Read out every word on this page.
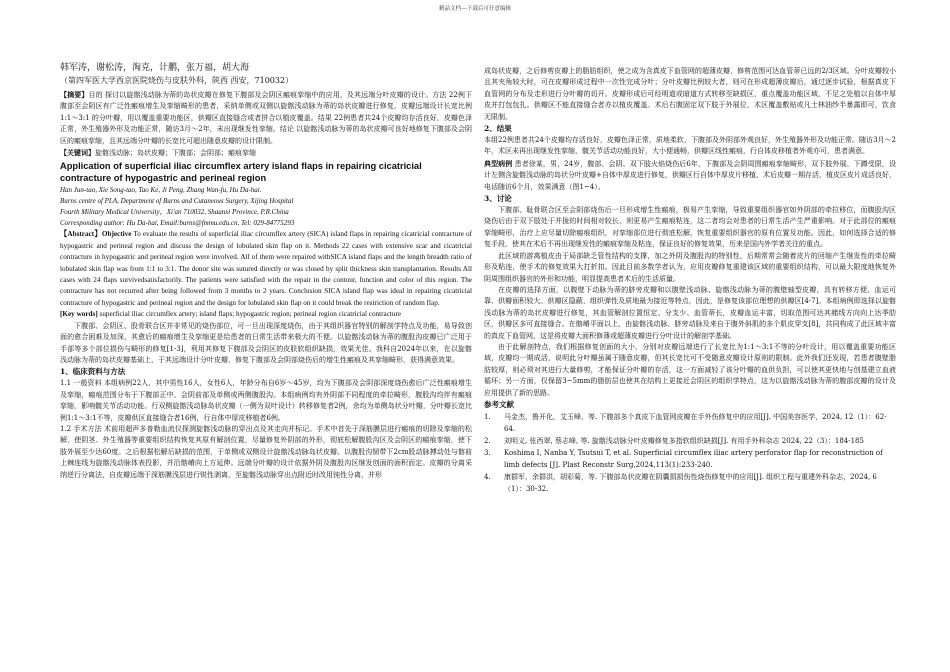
精品文档---下载后可任意编辑

韩军涛，谢松涛，淘克，计鹏，张万福，胡大海

（第四军医大学西京医院烧伤与皮肤外科，陕西 西安，710032）

【摘要】目的 探讨以旋髂浅动脉为蒂的岛状皮瓣在修复下腹部及会阴区瘢痕挛缩中的应用，及其远端分叶皮瓣的设计。方法 22例下腹部至会阴区有广泛性瘢痕增生及挛缩畸形的患者，采纳单侧或双侧以旋髂浅动脉为蒂的岛状皮瓣进行修复，皮瓣远端设计长宽比例 1:1～3:1 的分叶瓣，用以覆盖重要功能区，供瓣区直接缝合或者拼合以植皮覆盖。结果 22例患者共24个皮瓣均存活良好，皮瓣色泽正常，外生殖器外形及功能正常，随访3月～2年，未出现继发性挛缩。结论 以旋髂浅动脉为蒂的岛状皮瓣可良好地修复下腹部及会阴区的瘢痕挛缩，且其远端分叶瓣的长宽比可超出随意皮瓣的设计限制。

【关键词】旋髂浅动脉；岛状皮瓣；下腹部；会阴部；瘢痕挛缩

Application of superficial iliac circumflex artery island flaps in repairing cicatricial contracture of hypogastric and perineal region

Han Jun-tao, Xie Song-tao, Tao Ke, Ji Peng, Zhang Wan-fu, Hu Da-hai.

Burns centre of PLA, Department of Burns and Cutaneous Surgery, Xijing Hospital

Fourth Military Medical University，Xi'an 710032, Shaanxi Province, P.R.China

Corresponding author: Hu Da-hai, Email:burns@fmmu.edu.cn, Tel: 029-84775293

【Abstract】Objective To evaluate the results of superficial iliac circumflex artery (SICA) island flaps in repairing cicatricial contracture of hypogastric and perineal region and discuss the design of lobulated skin flap on it. Methods 22 cases with extensive scar and cicatricial contracture in hypogastric and perineal region were involved. All of them were repaired withSICA island flaps and the length breadth ratio of lobulated skin flap was from 1:1 to 3:1. The donor site was sutured directly or was closed by split thickness skin transplantation. Results All cases with 24 flaps survivedsatisfactorily. The patients were satisfied with the repair in the contour, function and color of this region. The contracture has not recurred after being followed from 3 months to 2 years. Conclusion SICA island flap was ideal in repairing cicatricial contracture of hypogastric and perineal region and the design for lobulated skin flap on it could break the restriction of random flap.

[Key words] superficial iliac circumflex artery; island flaps; hypogastric region; perineal region cicatricial contracture

下腹部、会阴区、股骨联合区并非常见的烧伤部位，可一旦出现深度烧伤，由于其组织器官特别的解剖学特点及功能，易导致创面的愈合困难及加深，其愈后的瘢痕增生及挛缩更是给患者的日常生活带来极大的不便。以旋髂浅动脉为蒂的腹股沟皮瓣已广泛用于手部等多个部位损伤与畸形的修复[1-3]，利用其修复下腹部及会阴区的皮肤软组织缺损，效果尤佳。我科自2024年以来，在以旋髂浅动脉为蒂的岛状皮瓣基础上，于其远端设计分叶皮瓣，修复下腹部及会阴部烧伤后的增生性瘢痕及其挛缩畸形，获得满意效果。

1、临床资料与方法

1.1 一般资料 本组病例22人，其中男性16人，女性6人，年龄分布自6岁～45岁，均为下腹部及会阴部深度烧伤愈后广泛性瘢痕增生及挛缩，瘢痕范围分布于下腹部正中、会阴前部及单侧或两侧腹股沟。本组病例均有外阴部不同程度的牵拉畸形，腹股沟均伴有瘢痕挛缩，影响髋关节活动功能。行双侧旋髂浅动脉岛状皮瓣（一侧为双叶设计）转移修复者2例，余均为单侧岛状分叶瓣，分叶瓣长宽比例1:1～3:1不等，皮瓣供区直接缝合者16例，行自体中厚皮移植者6例。

1.2 手术方法 术前用超声多普勒血流仪探测旋髂浅动脉的穿出点及其走向并标记。手术中首先于深筋膜层进行瘢痕的切除及挛缩的松解，使阴茎、外生殖器等重要组织结构恢复其原有解剖位置，尽量修复外阴部的外形，彻底松解腹股沟区及会阴区的瘢痕挛缩，使下肢外展至少达60度。之后根据松解后缺损的范围，于单侧或双侧设计旋髂浅动脉岛状皮瓣。以腹股沟韧带下2cm股动脉搏动处与髂前上棘连线为旋髂浅动脉体表投影，并沿髂嵴向上方延伸。远端分叶瓣的设计依据外阴及腹股沟区继发创面的面积而定。皮瓣的分离采纳逆行分离法，自皮瓣远端于深筋膜浅层进行锐性剥离，至旋髂浅动脉穿出点附近时改用钝性分离，并形

成岛状皮瓣，之后修剪皮瓣上的脂肪组织，使之成为含真皮下血管网的超薄皮瓣，修剪范围可达血管蒂已远的2/3区域。分叶皮瓣较小且其夹角较大时，可在皮瓣形成过程中一次性完成分叶；分叶皮瓣比例较大者，则可在形成超薄皮瓣后，通过逐步试验，根据真皮下血管网的分布及走形进行分叶瓣的切开。皮瓣形成后可经明道或暗道方式转移至缺损区，重点覆盖功能区域，不足之处植以自体中厚皮并打包包扎。供瓣区不能直接缝合者亦以植皮覆盖。术后右腹固定双下肢于外展位，术区覆盖敷贴或凡士林油纱半暴露即可，饮食无限制。

2、结果

本组22例患者共24个皮瓣均存活良好，皮瓣色泽正常，质地柔软，下腹部及外阴部外观良好，外生殖器外形及功能正常。随访3月～2年，术区未再出现继发性挛缩，髋关节活动功能良好，大小便通畅，供瓣区线性瘢痕，行自体皮移植者外观亦可，患者满意。

典型病例 患者徐某，男，24岁，腹部、会阴、双下肢火焰烧伤后6年，下腹部及会阴周围瘢痕挛缩畸形，双下肢外展、下蹲受限，设计左侧含旋髂浅动脉的岛状分叶皮瓣+自体中厚皮进行修复，供瓣区行自体中厚皮片移植，术后皮瓣一期存活，植皮区皮片成活良好，电话随访6个月，效果满意（图1~4）。

3、讨论

下腹部、耻骨联合区至会阴部烧伤后一旦形成增生性瘢痕，极易产生挛缩，导致重要组织器官如外阴部的牵拉移位，而腹股沟区烧伤后由于双下肢处于并拢的时间相对较长，则更易产生瘢痕粘连，这二者均会对患者的日常生活产生严重影响。对于此部位的瘢痕挛缩畸形，治疗上应尽量切除瘢痕组织，对挛缩部位进行彻底松解，恢复重要组织器官的原有位置及功能。因此，如何选择合适的修复手段，使其在术后不再出现继发性的瘢痕挛缩及粘连，保证良好的修复效果，历来是国内外学者关注的重点。

此区域的游离植皮由于局部缺乏管性结构的支撑，加之外阴及腹股沟的特别性，后期常常会随着皮片的回缩产生继发性的牵拉畸形及粘连，使手术的修复效果大打折扣。因此目前多数学者认为，应用皮瓣修复重建该区域的重要组织结构，可以最大限度地恢复外阴周围组织器官的外形和功能，明显提高患者术后的生活质量。

在皮瓣的选择方面，以腹壁下动脉为蒂的脐旁皮瓣和以腹壁浅动脉、旋髂浅动脉为蒂的腹壁轴型皮瓣，具有转移方便、血运可靠、供瓣面积较大、供瓣区隐蔽、组织弹性及质地最为接近等特点，因此，是修复该部位理想的供瓣区[4-7]。本组病例即选择以旋髂浅动脉为蒂的岛状皮瓣进行修复，其血管解剖位置恒定、分支少、血管蒂长，皮瓣血运丰富，切取范围可达其赭线方向向上达季肋区，供瓣区多可直接缝合。在髂嵴平面以上，由旋髂浅动脉、脐旁动脉及来自于腹外斜肌的多个肌皮穿支[8]，共同构成了此区域丰富的真皮下血管网，这是将皮瓣大面积修薄或超薄皮瓣进行分叶设计的解剖学基础。

由于此解剖特点，我们根据修复创面的大小，分别对皮瓣远端进行了长宽比为1:1～3:1不等的分叶设计，用以覆盖重要功能区域，皮瓣均一期成活，说明此分叶瓣虽属于随意皮瓣，但其长宽比可不受随意皮瓣设计原则的限制。此外我们还发现，若患者腹壁脂肪较厚，则必须对其进行大量修剪，才能保证分叶瓣的存活，这一方面减轻了该分叶瓣的血供负担，可以使其更快地与创基建立血液循环；另一方面，仅保留3~5mm的脂肪层也使其在结构上更接近会阴区的组织学特点，这为以旋髂浅动脉为蒂的腹部皮瓣的设计及应用提供了新的思路。

参考文献

1.	马金杰，鲁开化，艾玉峰，等. 下腹部多个真皮下血管网皮瓣在手外伤修复中的应用[J]. 中国美容医学，2024, 12（1）：62-64.
2.	刘明义, 张西翠, 蔡志峰, 等. 旋髂浅动脉分叶皮瓣修复多指软组织缺损[J]. 有用手外科杂志 2024, 22（3）：184-185
3.	Koshima I, Nanba Y, Tsutsui T, et al. Superficial circumflex iliac artery perforator flap for reconstruction of limb defects [J]. Plast Reconstr Surg,2024,113(1):233-240.
4.	康群军，余群洪，胡彩菊，等. 下腹部岛状皮瓣在阴囊损损伤性烧伤修复中的应用[J]. 组织工程与重建外科杂志，2024, 6（1）：30-32.
